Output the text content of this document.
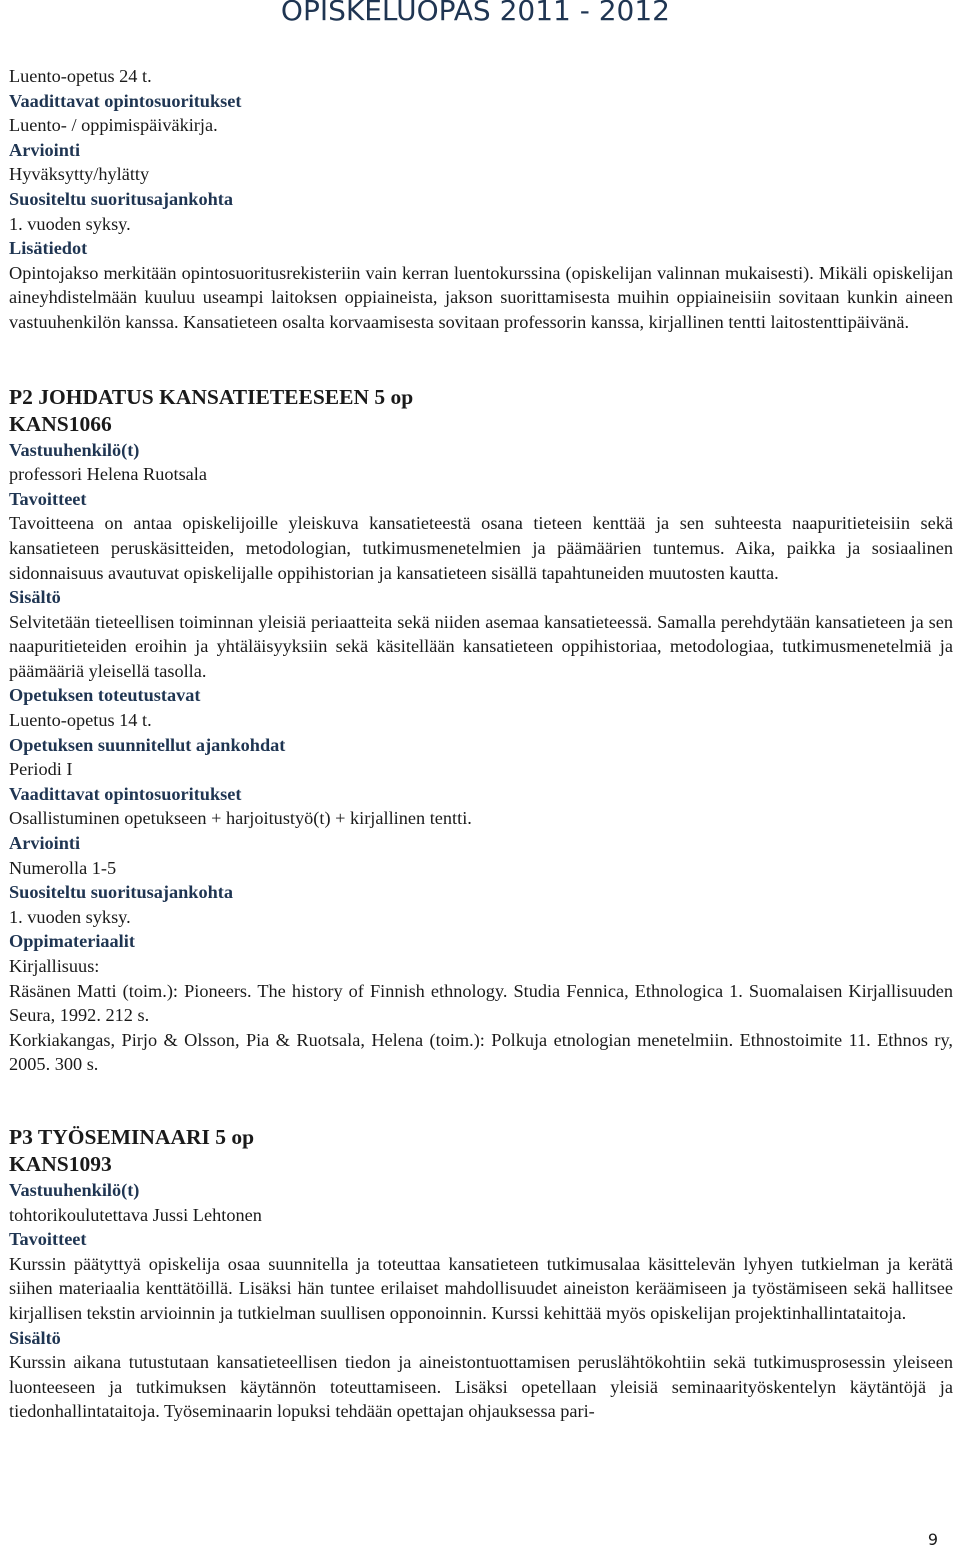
OPISKELUOPAS 2011 - 2012
Luento-opetus 24 t.
Vaadittavat opintosuoritukset
Luento- / oppimispäiväkirja.
Arviointi
Hyväksytty/hylätty
Suositeltu suoritusajankohta
1. vuoden syksy.
Lisätiedot

Opintojakso merkitään opintosuoritusrekisteriin vain kerran luentokurssina (opiskelijan valinnan mukaisesti). Mikäli opiskelijan aineyhdistelmään kuuluu useampi laitoksen oppiaineista, jakson suorittamisesta muihin oppiaineisiin sovitaan kunkin aineen vastuuhenkilön kanssa. Kansatieteen osalta korvaamisesta sovitaan professorin kanssa, kirjallinen tentti laitostenttipäivänä.

P2 JOHDATUS KANSATIETEESEEN 5 op
KANS1066
Vastuuhenkilö(t)
professori Helena Ruotsala
Tavoitteet

Tavoitteena on antaa opiskelijoille yleiskuva kansatieteestä osana tieteen kenttää ja sen suhteesta naapuritieteisiin sekä kansatieteen peruskäsitteiden, metodologian, tutkimusmenetelmien ja päämäärien tuntemus. Aika, paikka ja sosiaalinen sidonnaisuus avautuvat opiskelijalle oppihistorian ja kansatieteen sisällä tapahtuneiden muutosten kautta.

Sisältö

Selvitetään tieteellisen toiminnan yleisiä periaatteita sekä niiden asemaa kansatieteessä. Samalla perehdytään kansatieteen ja sen naapuritieteiden eroihin ja yhtäläisyyksiin sekä käsitellään kansatieteen oppihistoriaa, metodologiaa, tutkimusmenetelmiä ja päämääriä yleisellä tasolla.

Opetuksen toteutustavat
Luento-opetus 14 t.
Opetuksen suunnitellut ajankohdat
Periodi I
Vaadittavat opintosuoritukset
Osallistuminen opetukseen + harjoitustyö(t) + kirjallinen tentti.
Arviointi
Numerolla 1-5
Suositeltu suoritusajankohta
1. vuoden syksy.
Oppimateriaalit
Kirjallisuus:

Räsänen Matti (toim.): Pioneers. The history of Finnish ethnology. Studia Fennica, Ethnologica 1. Suomalaisen Kirjallisuuden Seura, 1992. 212 s.

Korkiakangas, Pirjo & Olsson, Pia & Ruotsala, Helena (toim.): Polkuja etnologian menetelmiin. Ethnostoimite 11. Ethnos ry, 2005. 300 s.

P3 TYÖSEMINAARI 5 op
KANS1093
Vastuuhenkilö(t)
tohtorikoulutettava Jussi Lehtonen
Tavoitteet

Kurssin päätyttyä opiskelija osaa suunnitella ja toteuttaa kansatieteen tutkimusalaa käsittelevän lyhyen tutkielman ja kerätä siihen materiaalia kenttätöillä. Lisäksi hän tuntee erilaiset mahdollisuudet aineiston keräämiseen ja työstämiseen sekä hallitsee kirjallisen tekstin arvioinnin ja tutkielman suullisen opponoinnin. Kurssi kehittää myös opiskelijan projektinhallintataitoja.

Sisältö

Kurssin aikana tutustutaan kansatieteellisen tiedon ja aineistontuottamisen peruslähtökohtiin sekä tutkimusprosessin yleiseen luonteeseen ja tutkimuksen käytännön toteuttamiseen. Lisäksi opetellaan yleisiä seminaarityöskentelyn käytäntöjä ja tiedonhallintataitoja. Työseminaarin lopuksi tehdään opettajan ohjauksessa pari-

9
